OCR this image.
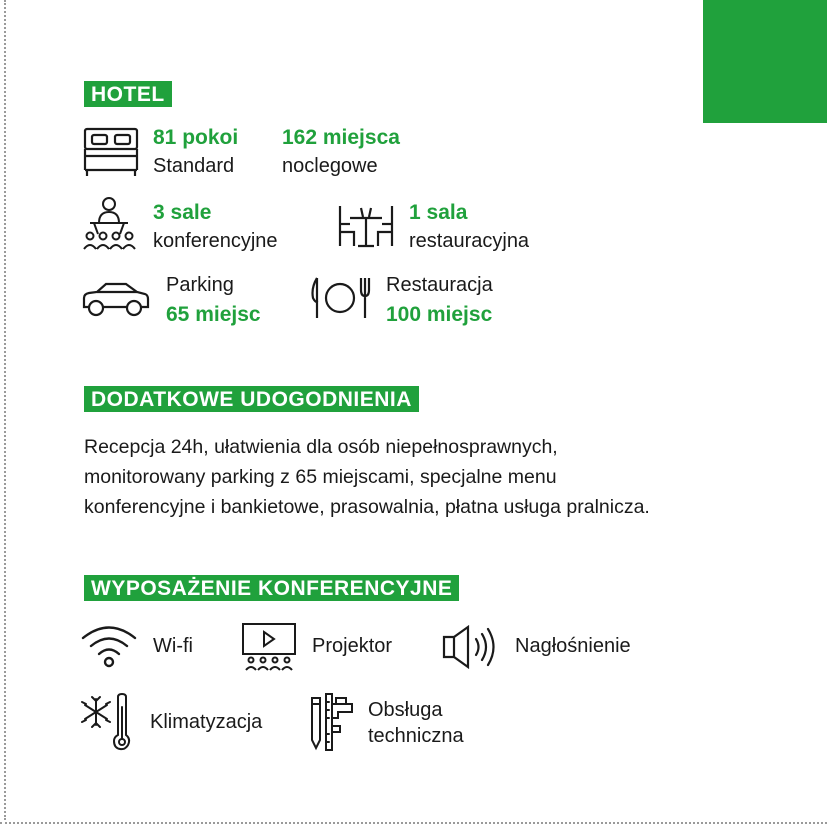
HOTEL
81 pokoi
Standard
162 miejsca
noclegowe
3 sale
konferencyjne
1 sala
restauracyjna
Parking
65 miejsc
Restauracja
100 miejsc
DODATKOWE UDOGODNIENIA
Recepcja 24h, ułatwienia dla osób niepełnosprawnych,
monitorowany parking z 65 miejscami, specjalne menu
konferencyjne i bankietowe, prasowalnia, płatna usługa pralnicza.
WYPOSAŻENIE KONFERENCYJNE
Wi-fi	Projektor	Nagłośnienie
Klimatyzacja
Obsługa
techniczna
